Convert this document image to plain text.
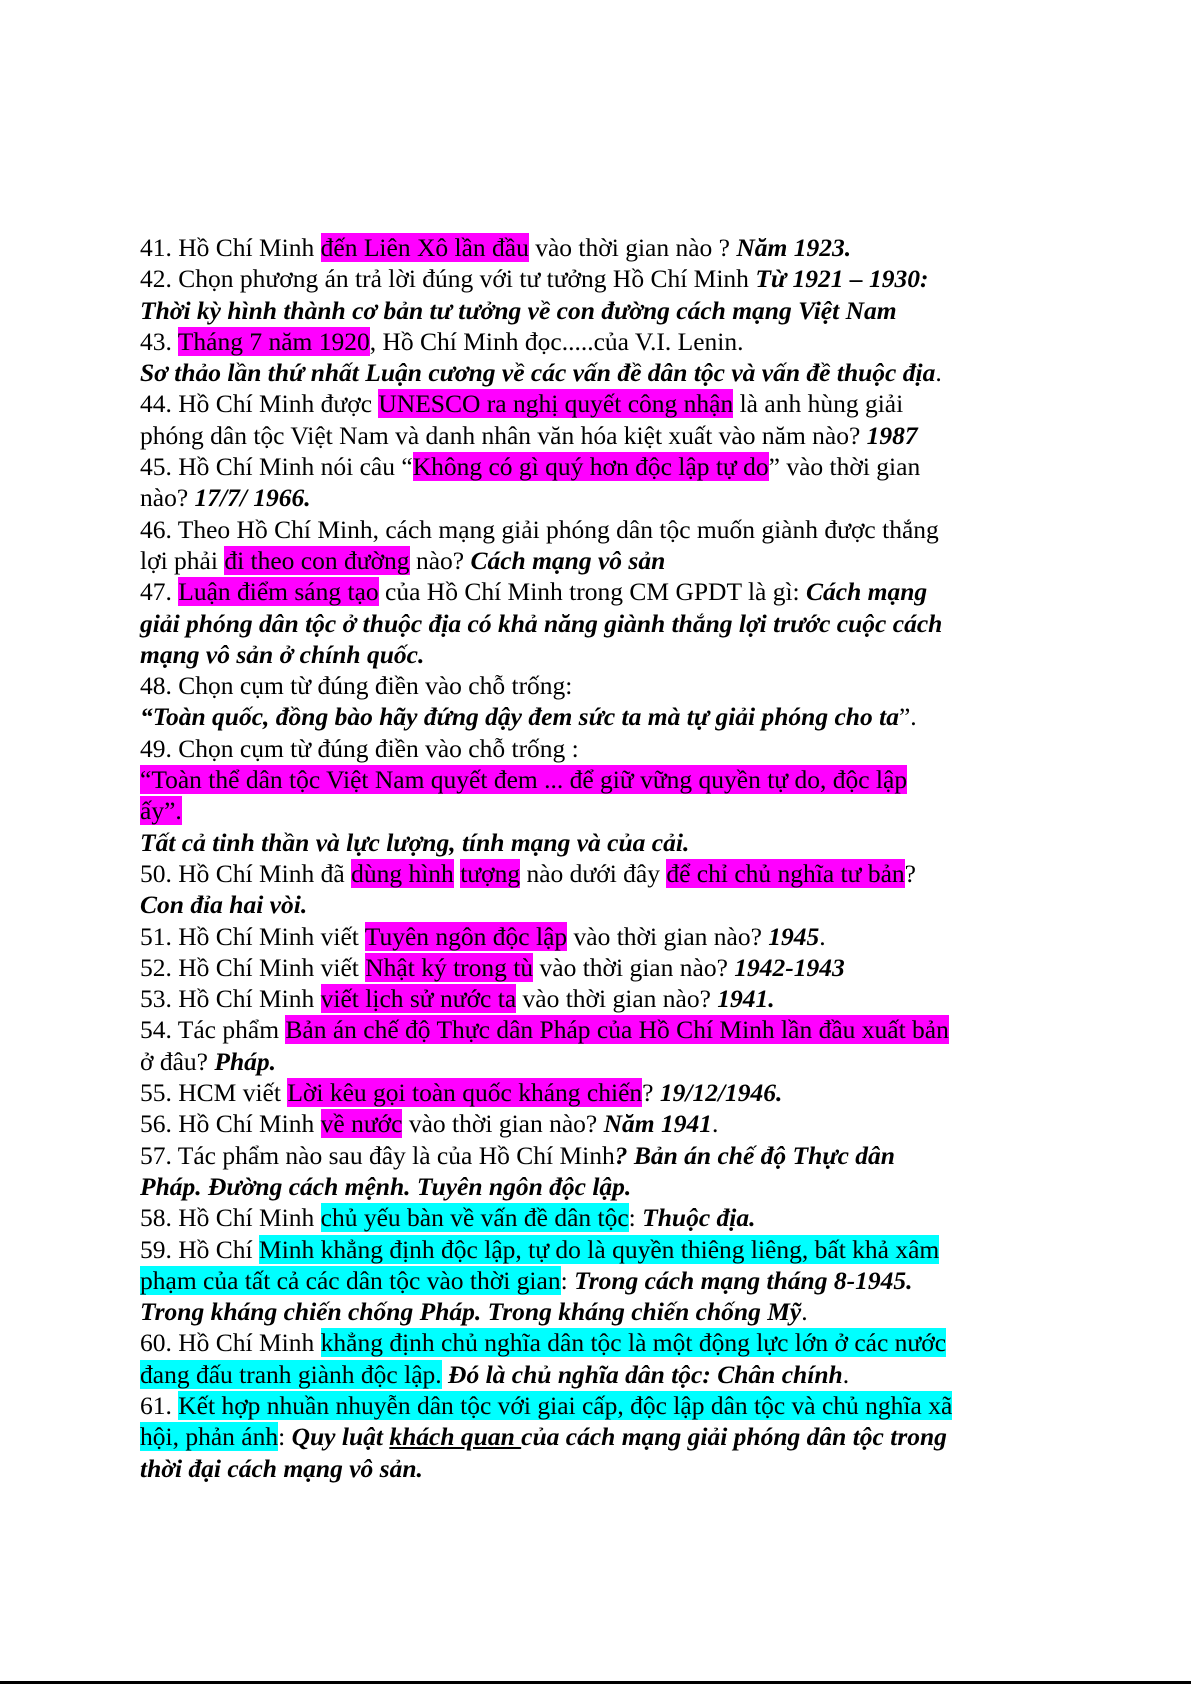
41. Hồ Chí Minh đến Liên Xô lần đầu vào thời gian nào ? Năm 1923.
42. Chọn phương án trả lời đúng với tư tưởng Hồ Chí Minh Từ 1921 – 1930:
Thời kỳ hình thành cơ bản tư tưởng về con đường cách mạng Việt Nam
43. Tháng 7 năm 1920, Hồ Chí Minh đọc.....của V.I. Lenin.
Sơ thảo lần thứ nhất Luận cương về các vấn đề dân tộc và vấn đề thuộc địa.
44. Hồ Chí Minh được UNESCO ra nghị quyết công nhận là anh hùng giải
phóng dân tộc Việt Nam và danh nhân văn hóa kiệt xuất vào năm nào? 1987
45. Hồ Chí Minh nói câu “Không có gì quý hơn độc lập tự do” vào thời gian
nào? 17/7/ 1966.
46. Theo Hồ Chí Minh, cách mạng giải phóng dân tộc muốn giành được thắng
lợi phải đi theo con đường nào? Cách mạng vô sản
47. Luận điểm sáng tạo của Hồ Chí Minh trong CM GPDT là gì: Cách mạng
giải phóng dân tộc ở thuộc địa có khả năng giành thắng lợi trước cuộc cách
mạng vô sản ở chính quốc.
48. Chọn cụm từ đúng điền vào chỗ trống:
“Toàn quốc, đồng bào hãy đứng dậy đem sức ta mà tự giải phóng cho ta”.
49. Chọn cụm từ đúng điền vào chỗ trống :
“Toàn thể dân tộc Việt Nam quyết đem ... để giữ vững quyền tự do, độc lập
ấy”.
Tất cả tinh thần và lực lượng, tính mạng và của cải.
50. Hồ Chí Minh đã dùng hình tượng nào dưới đây để chỉ chủ nghĩa tư bản?
Con đỉa hai vòi.
51. Hồ Chí Minh viết Tuyên ngôn độc lập vào thời gian nào? 1945.
52. Hồ Chí Minh viết Nhật ký trong tù vào thời gian nào? 1942-1943
53. Hồ Chí Minh viết lịch sử nước ta vào thời gian nào? 1941.
54. Tác phẩm Bản án chế độ Thực dân Pháp của Hồ Chí Minh lần đầu xuất bản
ở đâu? Pháp.
55. HCM viết Lời kêu gọi toàn quốc kháng chiến? 19/12/1946.
56. Hồ Chí Minh về nước vào thời gian nào? Năm 1941.
57. Tác phẩm nào sau đây là của Hồ Chí Minh? Bản án chế độ Thực dân
Pháp. Đường cách mệnh. Tuyên ngôn độc lập.
58. Hồ Chí Minh chủ yếu bàn về vấn đề dân tộc: Thuộc địa.
59. Hồ Chí Minh khẳng định độc lập, tự do là quyền thiêng liêng, bất khả xâm
phạm của tất cả các dân tộc vào thời gian: Trong cách mạng tháng 8-1945.
Trong kháng chiến chống Pháp. Trong kháng chiến chống Mỹ.
60. Hồ Chí Minh khẳng định chủ nghĩa dân tộc là một động lực lớn ở các nước
đang đấu tranh giành độc lập. Đó là chủ nghĩa dân tộc: Chân chính.
61. Kết hợp nhuần nhuyễn dân tộc với giai cấp, độc lập dân tộc và chủ nghĩa xã
hội, phản ánh: Quy luật khách quan của cách mạng giải phóng dân tộc trong
thời đại cách mạng vô sản.
